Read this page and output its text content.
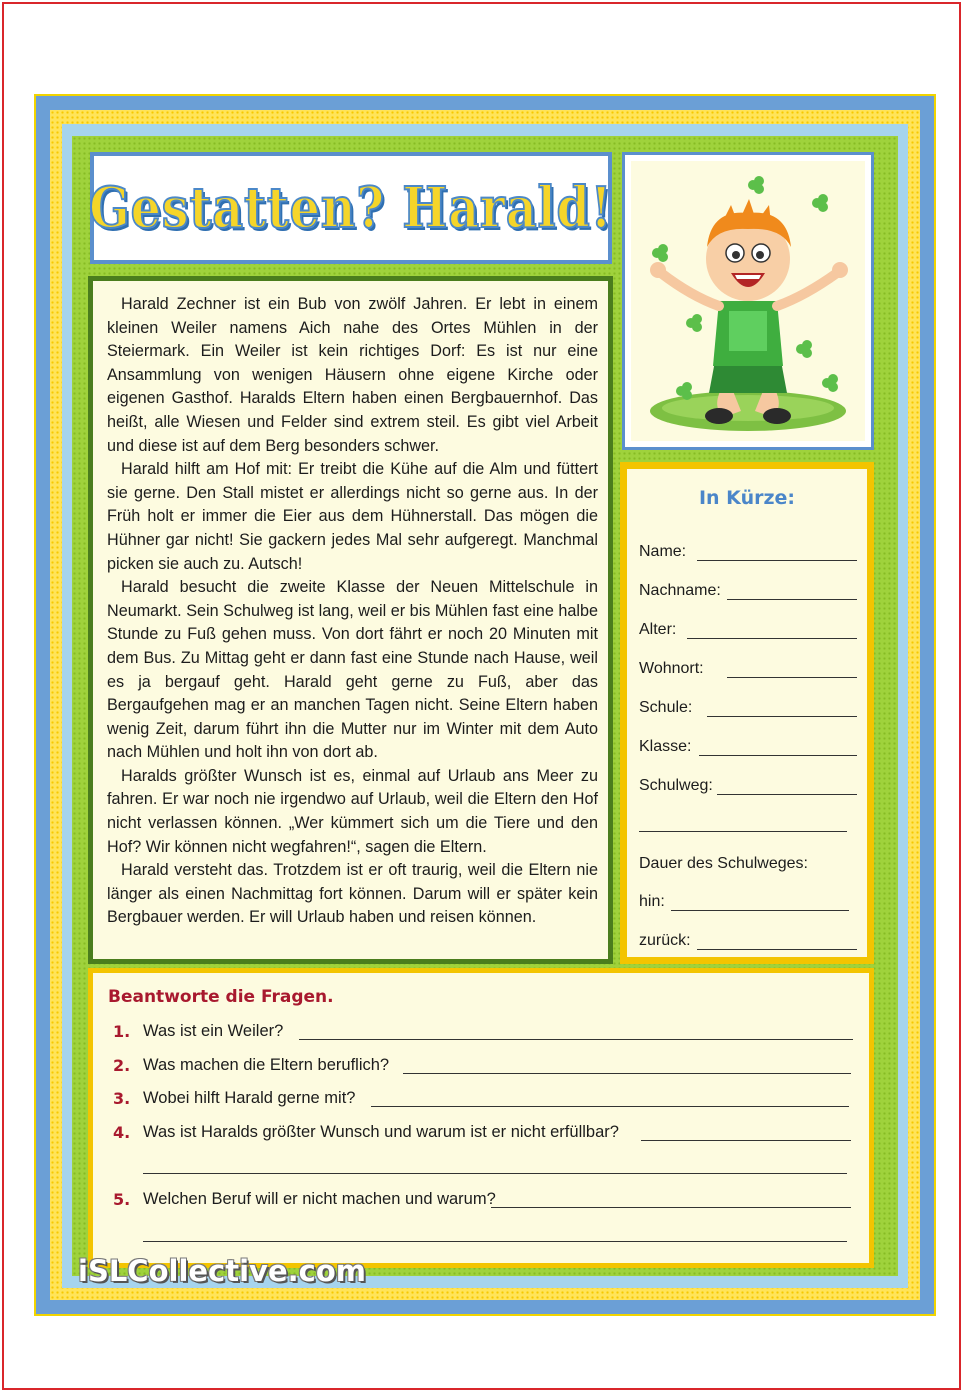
Gestatten? Harald!

Harald Zechner ist ein Bub von zwölf Jahren. Er lebt in einem kleinen Weiler namens Aich nahe des Ortes Mühlen in der Steiermark. Ein Weiler ist kein richtiges Dorf: Es ist nur eine Ansammlung von wenigen Häusern ohne eigene Kirche oder eigenen Gasthof. Haralds Eltern haben einen Bergbauernhof. Das heißt, alle Wiesen und Felder sind extrem steil. Es gibt viel Arbeit und diese ist auf dem Berg besonders schwer.

Harald hilft am Hof mit: Er treibt die Kühe auf die Alm und füttert sie gerne. Den Stall mistet er allerdings nicht so gerne aus. In der Früh holt er immer die Eier aus dem Hühnerstall. Das mögen die Hühner gar nicht! Sie gackern jedes Mal sehr aufgeregt. Manchmal picken sie auch zu. Autsch!

Harald besucht die zweite Klasse der Neuen Mittelschule in Neumarkt. Sein Schulweg ist lang, weil er bis Mühlen fast eine halbe Stunde zu Fuß gehen muss. Von dort fährt er noch 20 Minuten mit dem Bus. Zu Mittag geht er dann fast eine Stunde nach Hause, weil es ja bergauf geht. Harald geht gerne zu Fuß, aber das Bergaufgehen mag er an manchen Tagen nicht. Seine Eltern haben wenig Zeit, darum führt ihn die Mutter nur im Winter mit dem Auto nach Mühlen und holt ihn von dort ab.

Haralds größter Wunsch ist es, einmal auf Urlaub ans Meer zu fahren. Er war noch nie irgendwo auf Urlaub, weil die Eltern den Hof nicht verlassen können. „Wer kümmert sich um die Tiere und den Hof? Wir können nicht wegfahren!“, sagen die Eltern.

Harald versteht das. Trotzdem ist er oft traurig, weil die Eltern nie länger als einen Nachmittag fort können. Darum will er später kein Bergbauer werden. Er will Urlaub haben und reisen können.

In Kürze:
Name:
Nachname:
Alter:
Wohnort:
Schule:
Klasse:
Schulweg:
Dauer des Schulweges:
hin:
zurück:
Beantworte die Fragen.
1. Was ist ein Weiler?
2. Was machen die Eltern beruflich?
3. Wobei hilft Harald gerne mit?
4. Was ist Haralds größter Wunsch und warum ist er nicht erfüllbar?
5. Welchen Beruf will er nicht machen und warum?
iSLCollective.com
